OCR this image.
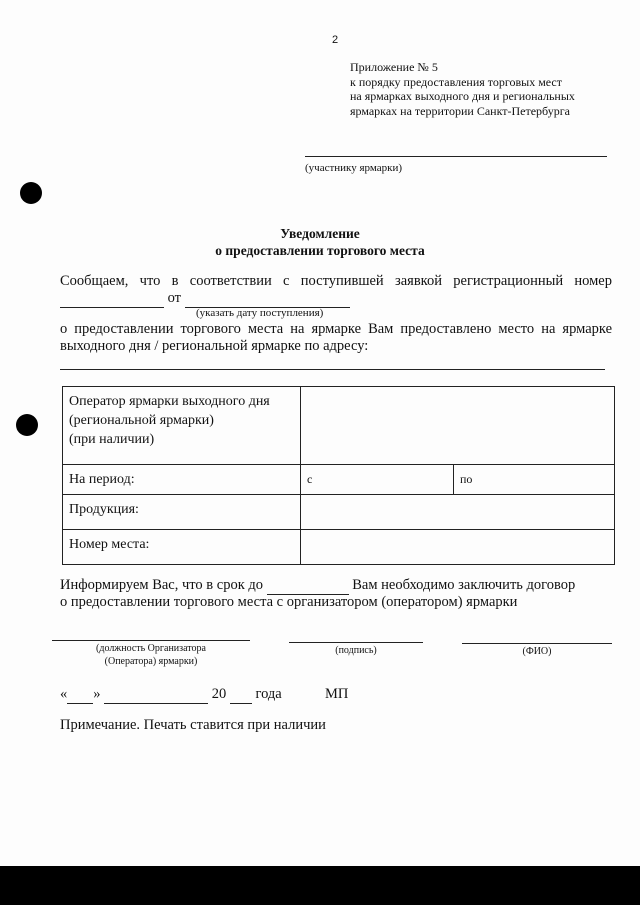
2
Приложение № 5
к порядку предоставления торговых мест
на ярмарках выходного дня и региональных
ярмарках на территории Санкт-Петербурга
(участнику ярмарки)
Уведомление
о предоставлении торгового места
Сообщаем, что в соответствии с поступившей заявкой регистрационный номер
от
(указать дату поступления)
о предоставлении торгового места на ярмарке Вам предоставлено место на ярмарке
выходного дня / региональной ярмарке по адресу:
Оператор ярмарки выходного дня
(региональной ярмарки)
(при наличии)		

На период:	с	по
Продукция:		
Номер места:		
Информируем Вас, что в срок до	Вам необходимо заключить договор
о предоставлении торгового места с организатором (оператором) ярмарки
(должность Организатора
(Оператора) ярмарки)
(подпись)	(ФИО)
« »	20 года	МП
Примечание. Печать ставится при наличии
